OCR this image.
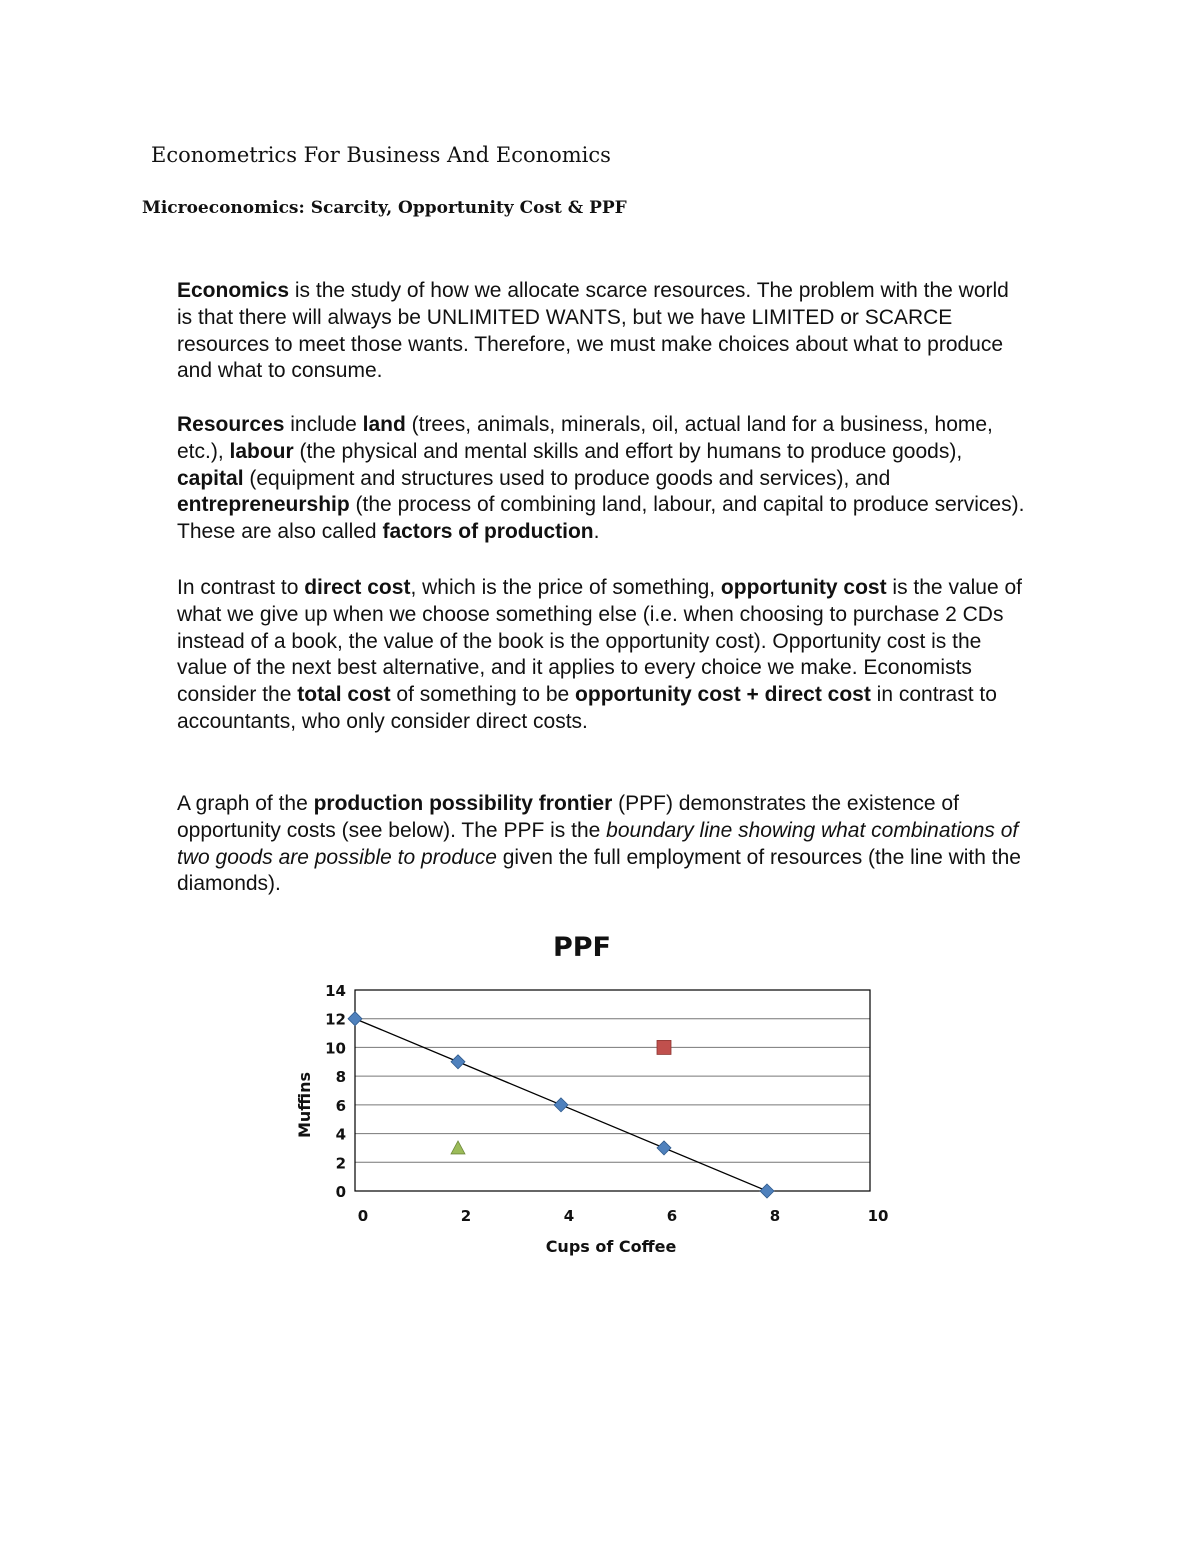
Econometrics For Business And Economics
Microeconomics: Scarcity, Opportunity Cost & PPF

Economics is the study of how we allocate scarce resources. The problem with the world is that there will always be UNLIMITED WANTS, but we have LIMITED or SCARCE resources to meet those wants. Therefore, we must make choices about what to produce and what to consume.

Resources include land (trees, animals, minerals, oil, actual land for a business, home, etc.), labour (the physical and mental skills and effort by humans to produce goods), capital (equipment and structures used to produce goods and services), and entrepreneurship (the process of combining land, labour, and capital to produce services). These are also called factors of production.

In contrast to direct cost, which is the price of something, opportunity cost is the value of what we give up when we choose something else (i.e. when choosing to purchase 2 CDs instead of a book, the value of the book is the opportunity cost). Opportunity cost is the value of the next best alternative, and it applies to every choice we make. Economists consider the total cost of something to be opportunity cost + direct cost in contrast to accountants, who only consider direct costs.

A graph of the production possibility frontier (PPF) demonstrates the existence of opportunity costs (see below). The PPF is the boundary line showing what combinations of two goods are possible to produce given the full employment of resources (the line with the diamonds).

0
2
4
6
8
10
12
14
0	2	4	6	8	10
PPF
Cups of Coffee
Muffins
